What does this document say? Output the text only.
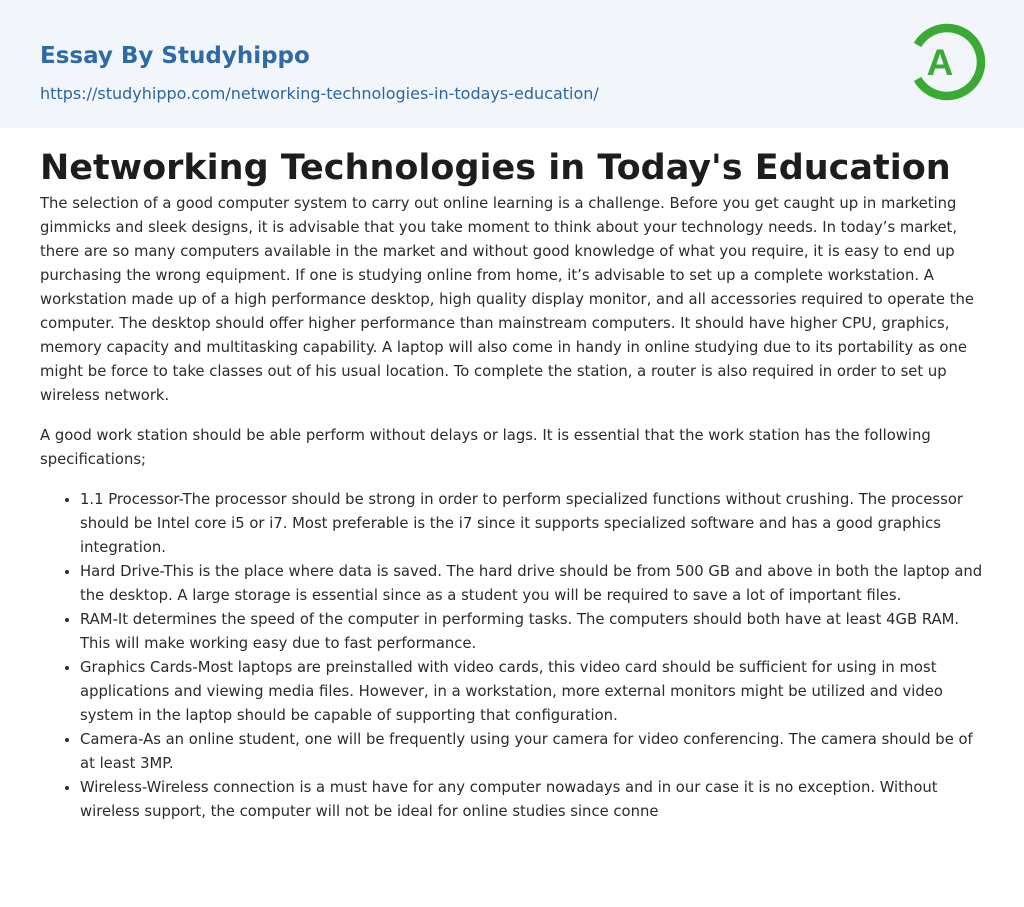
Essay By Studyhippo
https://studyhippo.com/networking-technologies-in-todays-education/
A
Networking Technologies in Today's Education

The selection of a good computer system to carry out online learning is a challenge. Before you get caught up in marketing gimmicks and sleek designs, it is advisable that you take moment to think about your technology needs. In today’s market, there are so many computers available in the market and without good knowledge of what you require, it is easy to end up purchasing the wrong equipment. If one is studying online from home, it’s advisable to set up a complete workstation. A workstation made up of a high performance desktop, high quality display monitor, and all accessories required to operate the computer. The desktop should offer higher performance than mainstream computers. It should have higher CPU, graphics, memory capacity and multitasking capability. A laptop will also come in handy in online studying due to its portability as one might be force to take classes out of his usual location. To complete the station, a router is also required in order to set up wireless network.

A good work station should be able perform without delays or lags. It is essential that the work station has the following specifications;

• 1.1 Processor-The processor should be strong in order to perform specialized functions without crushing. The processor should be Intel core i5 or i7. Most preferable is the i7 since it supports specialized software and has a good graphics integration.
• Hard Drive-This is the place where data is saved. The hard drive should be from 500 GB and above in both the laptop and the desktop. A large storage is essential since as a student you will be required to save a lot of important files.
• RAM-It determines the speed of the computer in performing tasks. The computers should both have at least 4GB RAM. This will make working easy due to fast performance.
• Graphics Cards-Most laptops are preinstalled with video cards, this video card should be sufficient for using in most applications and viewing media files. However, in a workstation, more external monitors might be utilized and video system in the laptop should be capable of supporting that configuration.
• Camera-As an online student, one will be frequently using your camera for video conferencing. The camera should be of at least 3MP.
• Wireless-Wireless connection is a must have for any computer nowadays and in our case it is no exception. Without wireless support, the computer will not be ideal for online studies since conne
